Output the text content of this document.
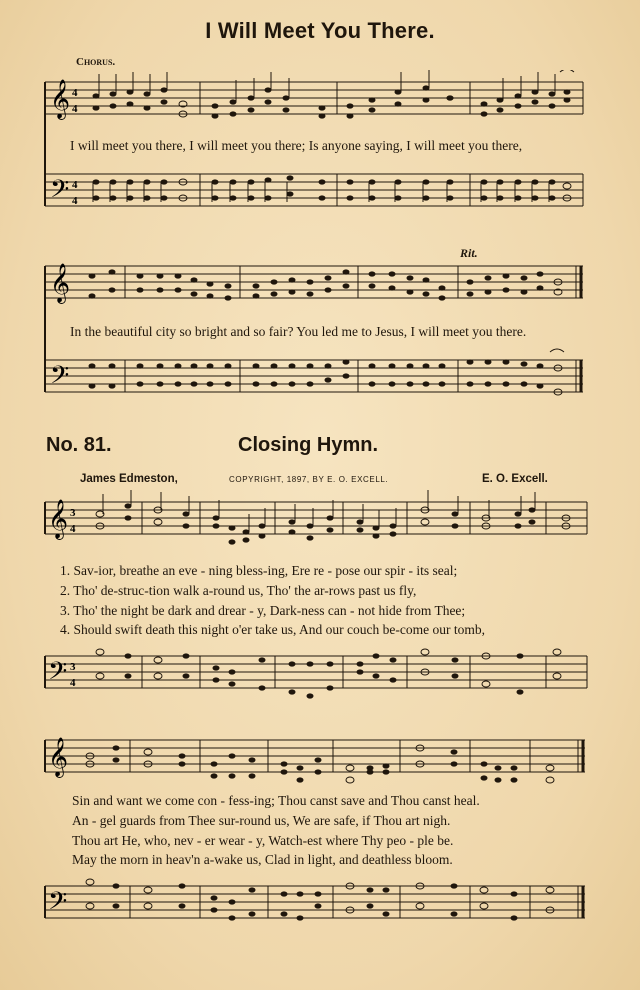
I Will Meet You There.
Chorus.
Rit.
𝄞
𝄢
4
4
4
4
I will meet you there, I will meet you there; Is anyone saying, I will meet you there,
𝄞
𝄢
In the beautiful city so bright and so fair? You led me to Jesus, I will meet you there.
No. 81.	Closing Hymn.
James Edmeston,	COPYRIGHT, 1897, BY E. O. EXCELL.	E. O. Excell.
𝄞 3
4
1. Sav-ior, breathe an eve - ning bless-ing, Ere re - pose our spir - its seal;
2. Tho' de-struc-tion walk a-round us, Tho' the ar-rows past us fly,
3. Tho' the night be dark and drear - y, Dark-ness can - not hide from Thee;
4. Should swift death this night o'er take us, And our couch be-come our tomb,
𝄢 3
4
𝄞
Sin and want we come con - fess-ing; Thou canst save and Thou canst heal.
An - gel guards from Thee sur-round us, We are safe, if Thou art nigh.
Thou art He, who, nev - er wear - y, Watch-est where Thy peo - ple be.
May the morn in heav'n a-wake us, Clad in light, and deathless bloom.
𝄢
